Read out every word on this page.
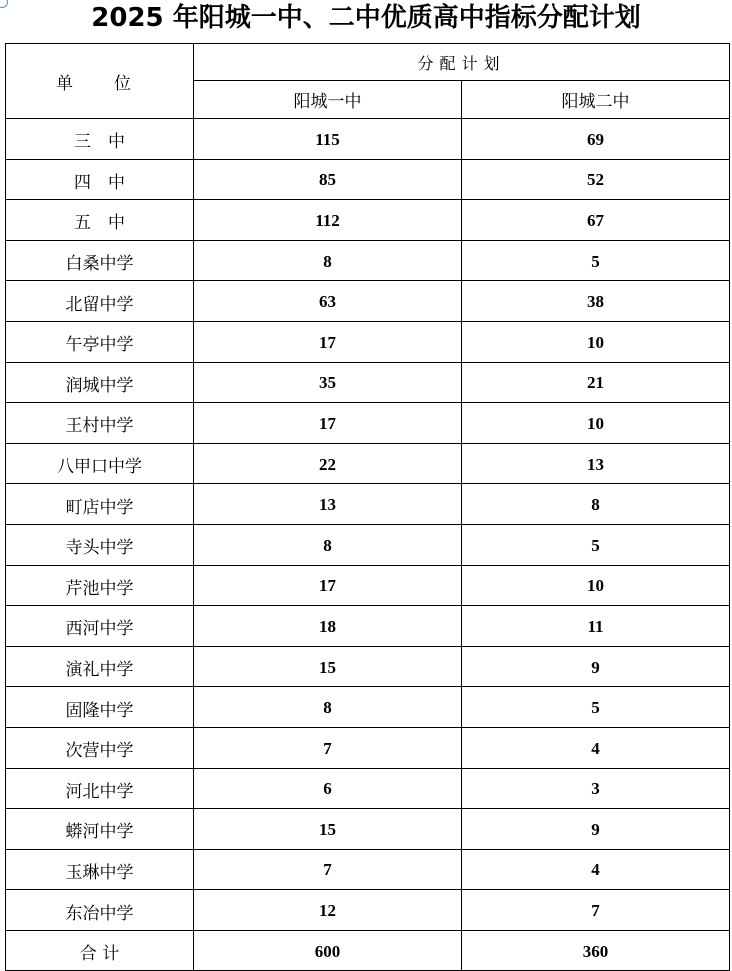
2025 年阳城一中、二中优质高中指标分配计划
单　位	分配计划	
	阳城一中	阳城二中
三　中	115	69
四　中	85	52
五　中	112	67
白桑中学	8	5
北留中学	63	38
午亭中学	17	10
润城中学	35	21
王村中学	17	10
八甲口中学	22	13
町店中学	13	8
寺头中学	8	5
芹池中学	17	10
西河中学	18	11
演礼中学	15	9
固隆中学	8	5
次营中学	7	4
河北中学	6	3
蟒河中学	15	9
玉琳中学	7	4
东冶中学	12	7
合 计	600	360
